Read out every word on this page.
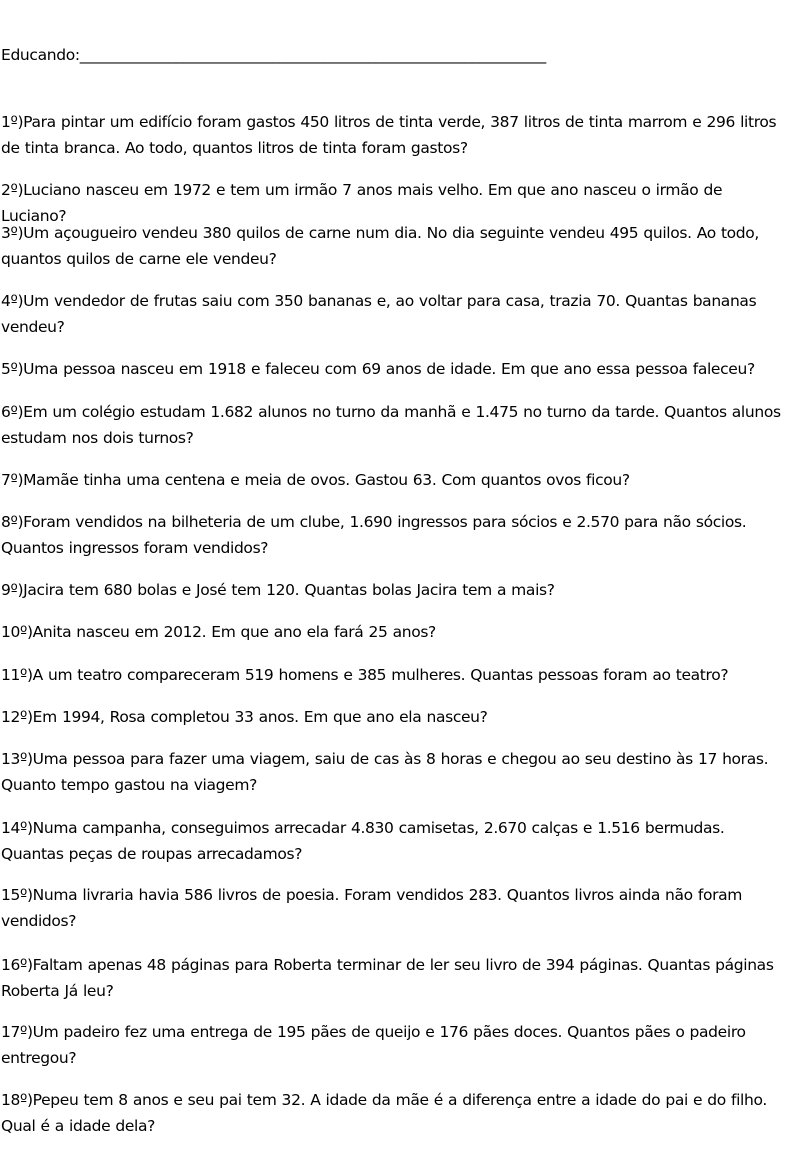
Educando:_______________________________________________________________
1º)Para pintar um edifício foram gastos 450 litros de tinta verde, 387 litros de tinta marrom e 296 litros de tinta branca. Ao todo, quantos litros de tinta foram gastos?
2º)Luciano nasceu em 1972 e tem um irmão 7 anos mais velho. Em que ano nasceu o irmão de Luciano?
3º)Um açougueiro vendeu 380 quilos de carne num dia. No dia seguinte vendeu 495 quilos. Ao todo, quantos quilos de carne ele vendeu?
4º)Um vendedor de frutas saiu com 350 bananas e, ao voltar para casa, trazia 70. Quantas bananas vendeu?
5º)Uma pessoa nasceu em 1918 e faleceu com 69 anos de idade. Em que ano essa pessoa faleceu?
6º)Em um colégio estudam 1.682 alunos no turno da manhã e 1.475 no turno da tarde. Quantos alunos estudam nos dois turnos?
7º)Mamãe tinha uma centena e meia de ovos. Gastou 63. Com quantos ovos ficou?
8º)Foram vendidos na bilheteria de um clube, 1.690 ingressos para sócios e 2.570 para não sócios. Quantos ingressos foram vendidos?
9º)Jacira tem 680 bolas e José tem 120. Quantas bolas Jacira tem a mais?
10º)Anita nasceu em 2012. Em que ano ela fará 25 anos?
11º)A um teatro compareceram 519 homens e 385 mulheres. Quantas pessoas foram ao teatro?
12º)Em 1994, Rosa completou 33 anos. Em que ano ela nasceu?
13º)Uma pessoa para fazer uma viagem, saiu de cas às 8 horas e chegou ao seu destino às 17 horas. Quanto tempo gastou na viagem?
14º)Numa campanha, conseguimos arrecadar 4.830 camisetas, 2.670 calças e 1.516 bermudas. Quantas peças de roupas arrecadamos?
15º)Numa livraria havia 586 livros de poesia. Foram vendidos 283. Quantos livros ainda não foram vendidos?
16º)Faltam apenas 48 páginas para Roberta terminar de ler seu livro de 394 páginas. Quantas páginas Roberta Já leu?
17º)Um padeiro fez uma entrega de 195 pães de queijo e 176 pães doces. Quantos pães o padeiro entregou?
18º)Pepeu tem 8 anos e seu pai tem 32. A idade da mãe é a diferença entre a idade do pai e do filho. Qual é a idade dela?
